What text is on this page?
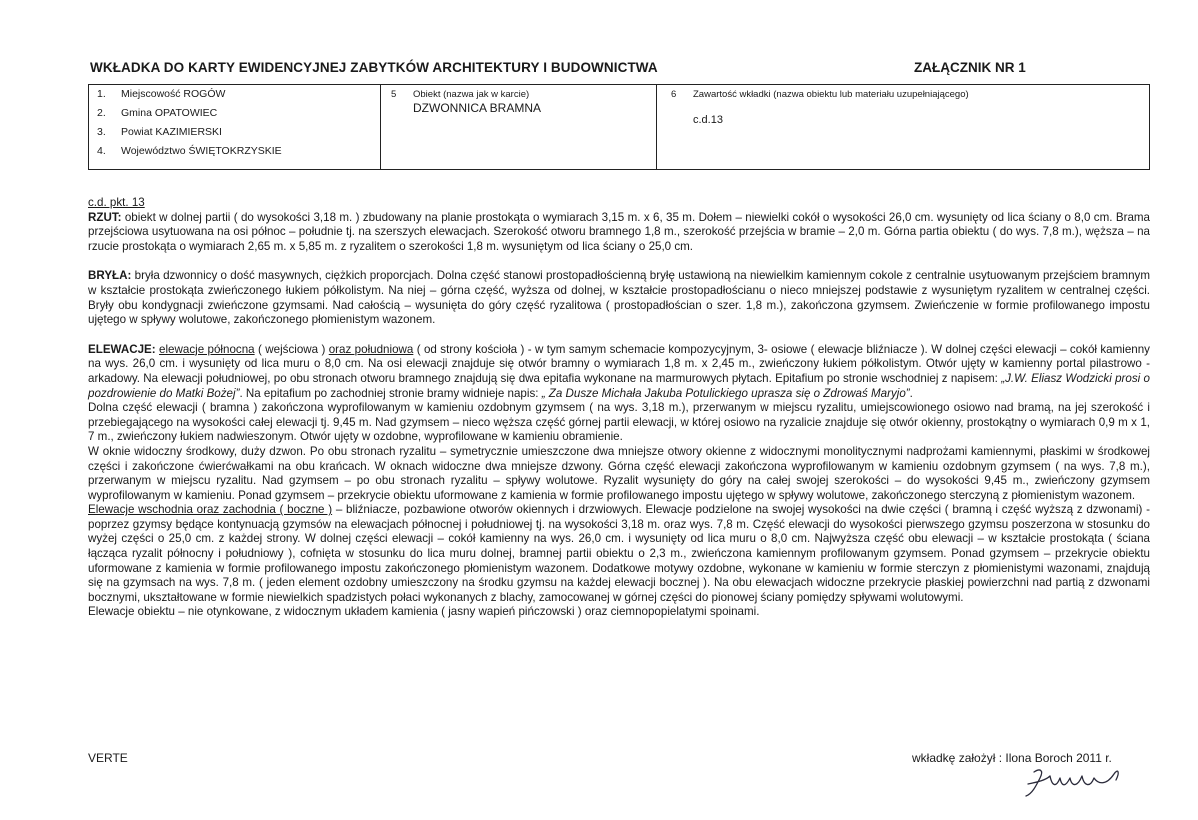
WKŁADKA DO KARTY EWIDENCYJNEJ ZABYTKÓW ARCHITEKTURY I BUDOWNICTWA	ZAŁĄCZNIK NR 1
1.	Miejscowość ROGÓW
2.	Gmina OPATOWIEC
3.	Powiat KAZIMIERSKI
4.	Województwo ŚWIĘTOKRZYSKIE
5 Obiekt (nazwa jak w karcie)
DZWONNICA BRAMNA
6 Zawartość wkładki (nazwa obiektu lub materiału uzupełniającego)
c.d.13

c.d. pkt. 13

RZUT: obiekt w dolnej partii ( do wysokości 3,18 m. ) zbudowany na planie prostokąta o wymiarach 3,15 m. x 6, 35 m. Dołem – niewielki cokół o wysokości 26,0 cm. wysunięty od lica ściany o 8,0 cm. Brama przejściowa usytuowana na osi północ – południe tj. na szerszych elewacjach. Szerokość otworu bramnego 1,8 m., szerokość przejścia w bramie – 2,0 m. Górna partia obiektu ( do wys. 7,8 m.), węższa – na rzucie prostokąta o wymiarach 2,65 m. x 5,85 m. z ryzalitem o szerokości 1,8 m. wysuniętym od lica ściany o 25,0 cm.

BRYŁA: bryła dzwonnicy o dość masywnych, ciężkich proporcjach. Dolna część stanowi prostopadłościenną bryłę ustawioną na niewielkim kamiennym cokole z centralnie usytuowanym przejściem bramnym w kształcie prostokąta zwieńczonego łukiem półkolistym. Na niej – górna część, wyższa od dolnej, w kształcie prostopadłościanu o nieco mniejszej podstawie z wysuniętym ryzalitem w centralnej części. Bryły obu kondygnacji zwieńczone gzymsami. Nad całością – wysunięta do góry część ryzalitowa ( prostopadłościan o szer. 1,8 m.), zakończona gzymsem. Zwieńczenie w formie profilowanego impostu ujętego w spływy wolutowe, zakończonego płomienistym wazonem.

ELEWACJE: elewacje północna ( wejściowa ) oraz południowa ( od strony kościoła ) - w tym samym schemacie kompozycyjnym, 3- osiowe ( elewacje bliźniacze ). W dolnej części elewacji – cokół kamienny na wys. 26,0 cm. i wysunięty od lica muru o 8,0 cm. Na osi elewacji znajduje się otwór bramny o wymiarach 1,8 m. x 2,45 m., zwieńczony łukiem półkolistym. Otwór ujęty w kamienny portal pilastrowo - arkadowy. Na elewacji południowej, po obu stronach otworu bramnego znajdują się dwa epitafia wykonane na marmurowych płytach. Epitafium po stronie wschodniej z napisem: „J.W. Eliasz Wodzicki prosi o pozdrowienie do Matki Bożej”. Na epitafium po zachodniej stronie bramy widnieje napis: „ Za Dusze Michała Jakuba Potulickiego uprasza się o Zdrowaś Maryjo”.

Dolna część elewacji ( bramna ) zakończona wyprofilowanym w kamieniu ozdobnym gzymsem ( na wys. 3,18 m.), przerwanym w miejscu ryzalitu, umiejscowionego osiowo nad bramą, na jej szerokość i przebiegającego na wysokości całej elewacji tj. 9,45 m. Nad gzymsem – nieco węższa część górnej partii elewacji, w której osiowo na ryzalicie znajduje się otwór okienny, prostokątny o wymiarach 0,9 m x 1, 7 m., zwieńczony łukiem nadwieszonym. Otwór ujęty w ozdobne, wyprofilowane w kamieniu obramienie.

W oknie widoczny środkowy, duży dzwon. Po obu stronach ryzalitu – symetrycznie umieszczone dwa mniejsze otwory okienne z widocznymi monolitycznymi nadprożami kamiennymi, płaskimi w środkowej części i zakończone ćwierćwałkami na obu krańcach. W oknach widoczne dwa mniejsze dzwony. Górna część elewacji zakończona wyprofilowanym w kamieniu ozdobnym gzymsem ( na wys. 7,8 m.), przerwanym w miejscu ryzalitu. Nad gzymsem – po obu stronach ryzalitu – spływy wolutowe. Ryzalit wysunięty do góry na całej swojej szerokości – do wysokości 9,45 m., zwieńczony gzymsem wyprofilowanym w kamieniu. Ponad gzymsem – przekrycie obiektu uformowane z kamienia w formie profilowanego impostu ujętego w spływy wolutowe, zakończonego sterczyną z płomienistym wazonem.

Elewacje wschodnia oraz zachodnia ( boczne ) – bliźniacze, pozbawione otworów okiennych i drzwiowych. Elewacje podzielone na swojej wysokości na dwie części ( bramną i część wyższą z dzwonami) - poprzez gzymsy będące kontynuacją gzymsów na elewacjach północnej i południowej tj. na wysokości 3,18 m. oraz wys. 7,8 m. Część elewacji do wysokości pierwszego gzymsu poszerzona w stosunku do wyżej części o 25,0 cm. z każdej strony. W dolnej części elewacji – cokół kamienny na wys. 26,0 cm. i wysunięty od lica muru o 8,0 cm. Najwyższa część obu elewacji – w kształcie prostokąta ( ściana łącząca ryzalit północny i południowy ), cofnięta w stosunku do lica muru dolnej, bramnej partii obiektu o 2,3 m., zwieńczona kamiennym profilowanym gzymsem. Ponad gzymsem – przekrycie obiektu uformowane z kamienia w formie profilowanego impostu zakończonego płomienistym wazonem. Dodatkowe motywy ozdobne, wykonane w kamieniu w formie sterczyn z płomienistymi wazonami, znajdują się na gzymsach na wys. 7,8 m. ( jeden element ozdobny umieszczony na środku gzymsu na każdej elewacji bocznej ). Na obu elewacjach widoczne przekrycie płaskiej powierzchni nad partią z dzwonami bocznymi, ukształtowane w formie niewielkich spadzistych połaci wykonanych z blachy, zamocowanej w górnej części do pionowej ściany pomiędzy spływami wolutowymi.

Elewacje obiektu – nie otynkowane, z widocznym układem kamienia ( jasny wapień pińczowski ) oraz ciemnopopielatymi spoinami.

VERTE	wkładkę założył : Ilona Boroch 2011 r.
